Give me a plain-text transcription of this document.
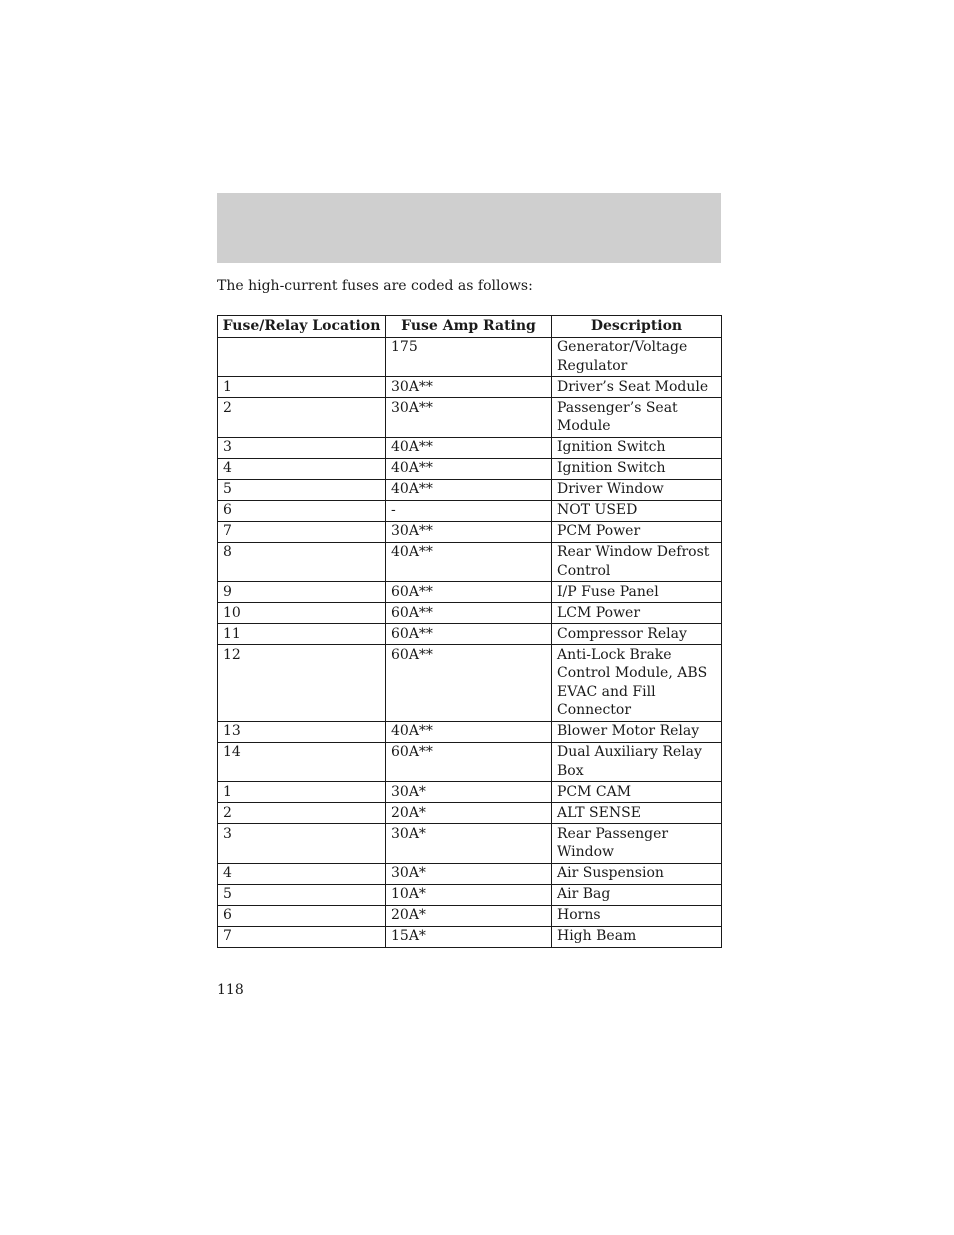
The high-current fuses are coded as follows:
Fuse/Relay Location	Fuse Amp Rating	Description
	175	Generator/Voltage Regulator
1	30A**	Driver’s Seat Module
2	30A**	Passenger’s Seat Module
3	40A**	Ignition Switch
4	40A**	Ignition Switch
5	40A**	Driver Window
6	-	NOT USED
7	30A**	PCM Power
8	40A**	Rear Window Defrost Control
9	60A**	I/P Fuse Panel
10	60A**	LCM Power
11	60A**	Compressor Relay
12	60A**	Anti-Lock Brake Control Module, ABS EVAC and Fill Connector
13	40A**	Blower Motor Relay
14	60A**	Dual Auxiliary Relay Box
1	30A*	PCM CAM
2	20A*	ALT SENSE
3	30A*	Rear Passenger Window
4	30A*	Air Suspension
5	10A*	Air Bag
6	20A*	Horns
7	15A*	High Beam
118
